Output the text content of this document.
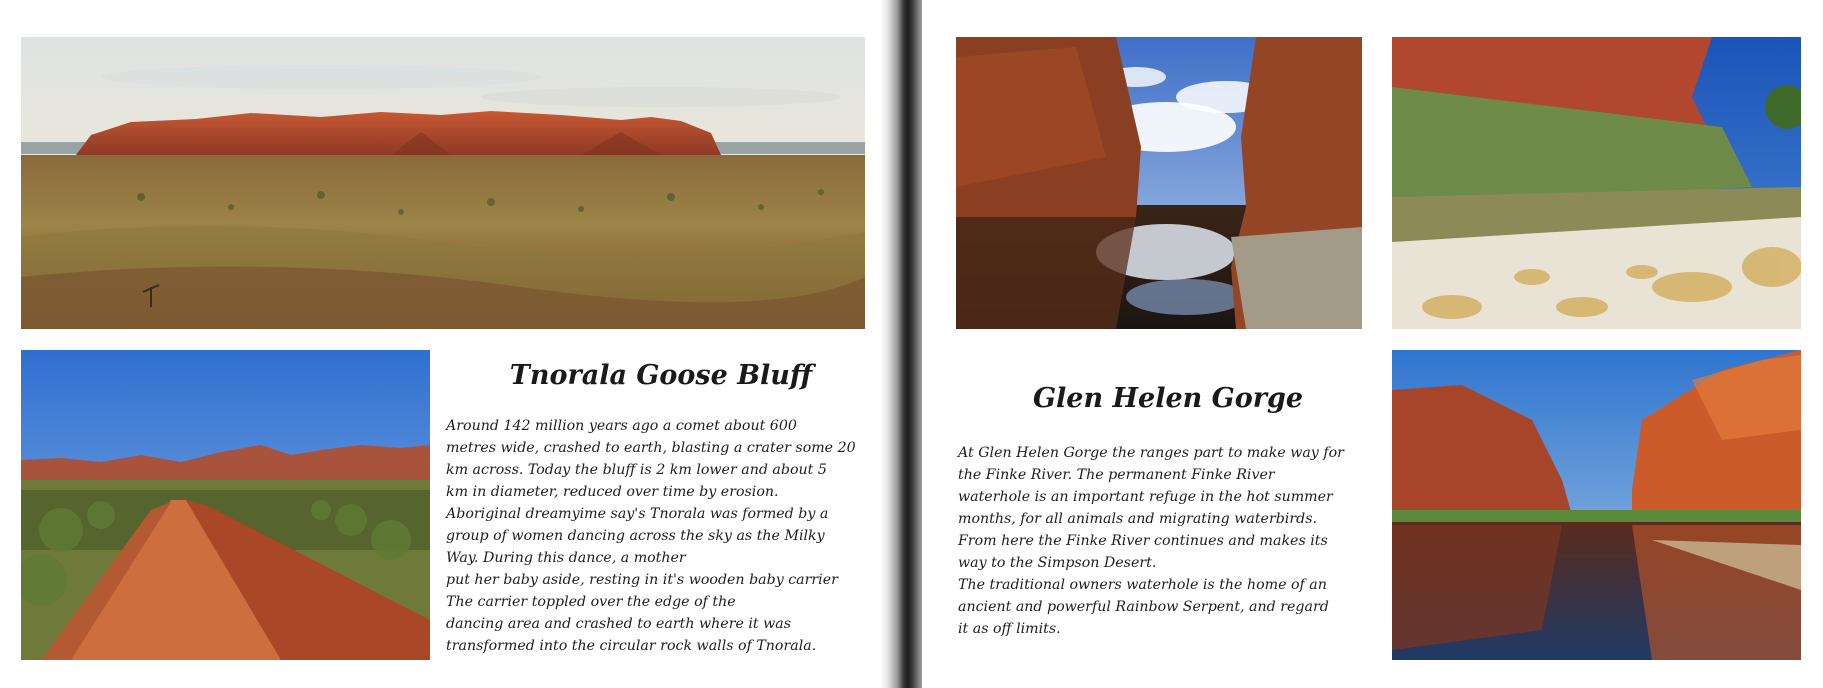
Tnorala Goose Bluff

Around 142 million years ago a comet about 600
metres wide, crashed to earth, blasting a crater some 20
km across. Today the bluff is 2 km lower and about 5
km in diameter, reduced over time by erosion.
Aboriginal dreamyime say's Tnorala was formed by a
group of women dancing across the sky as the Milky
Way. During this dance, a mother
put her baby aside, resting in it's wooden baby carrier
The carrier toppled over the edge of the
dancing area and crashed to earth where it was
transformed into the circular rock walls of Tnorala.

Glen Helen Gorge

At Glen Helen Gorge the ranges part to make way for
the Finke River. The permanent Finke River
waterhole is an important refuge in the hot summer
months, for all animals and migrating waterbirds.
From here the Finke River continues and makes its
way to the Simpson Desert.
The traditional owners waterhole is the home of an
ancient and powerful Rainbow Serpent, and regard
it as off limits.
